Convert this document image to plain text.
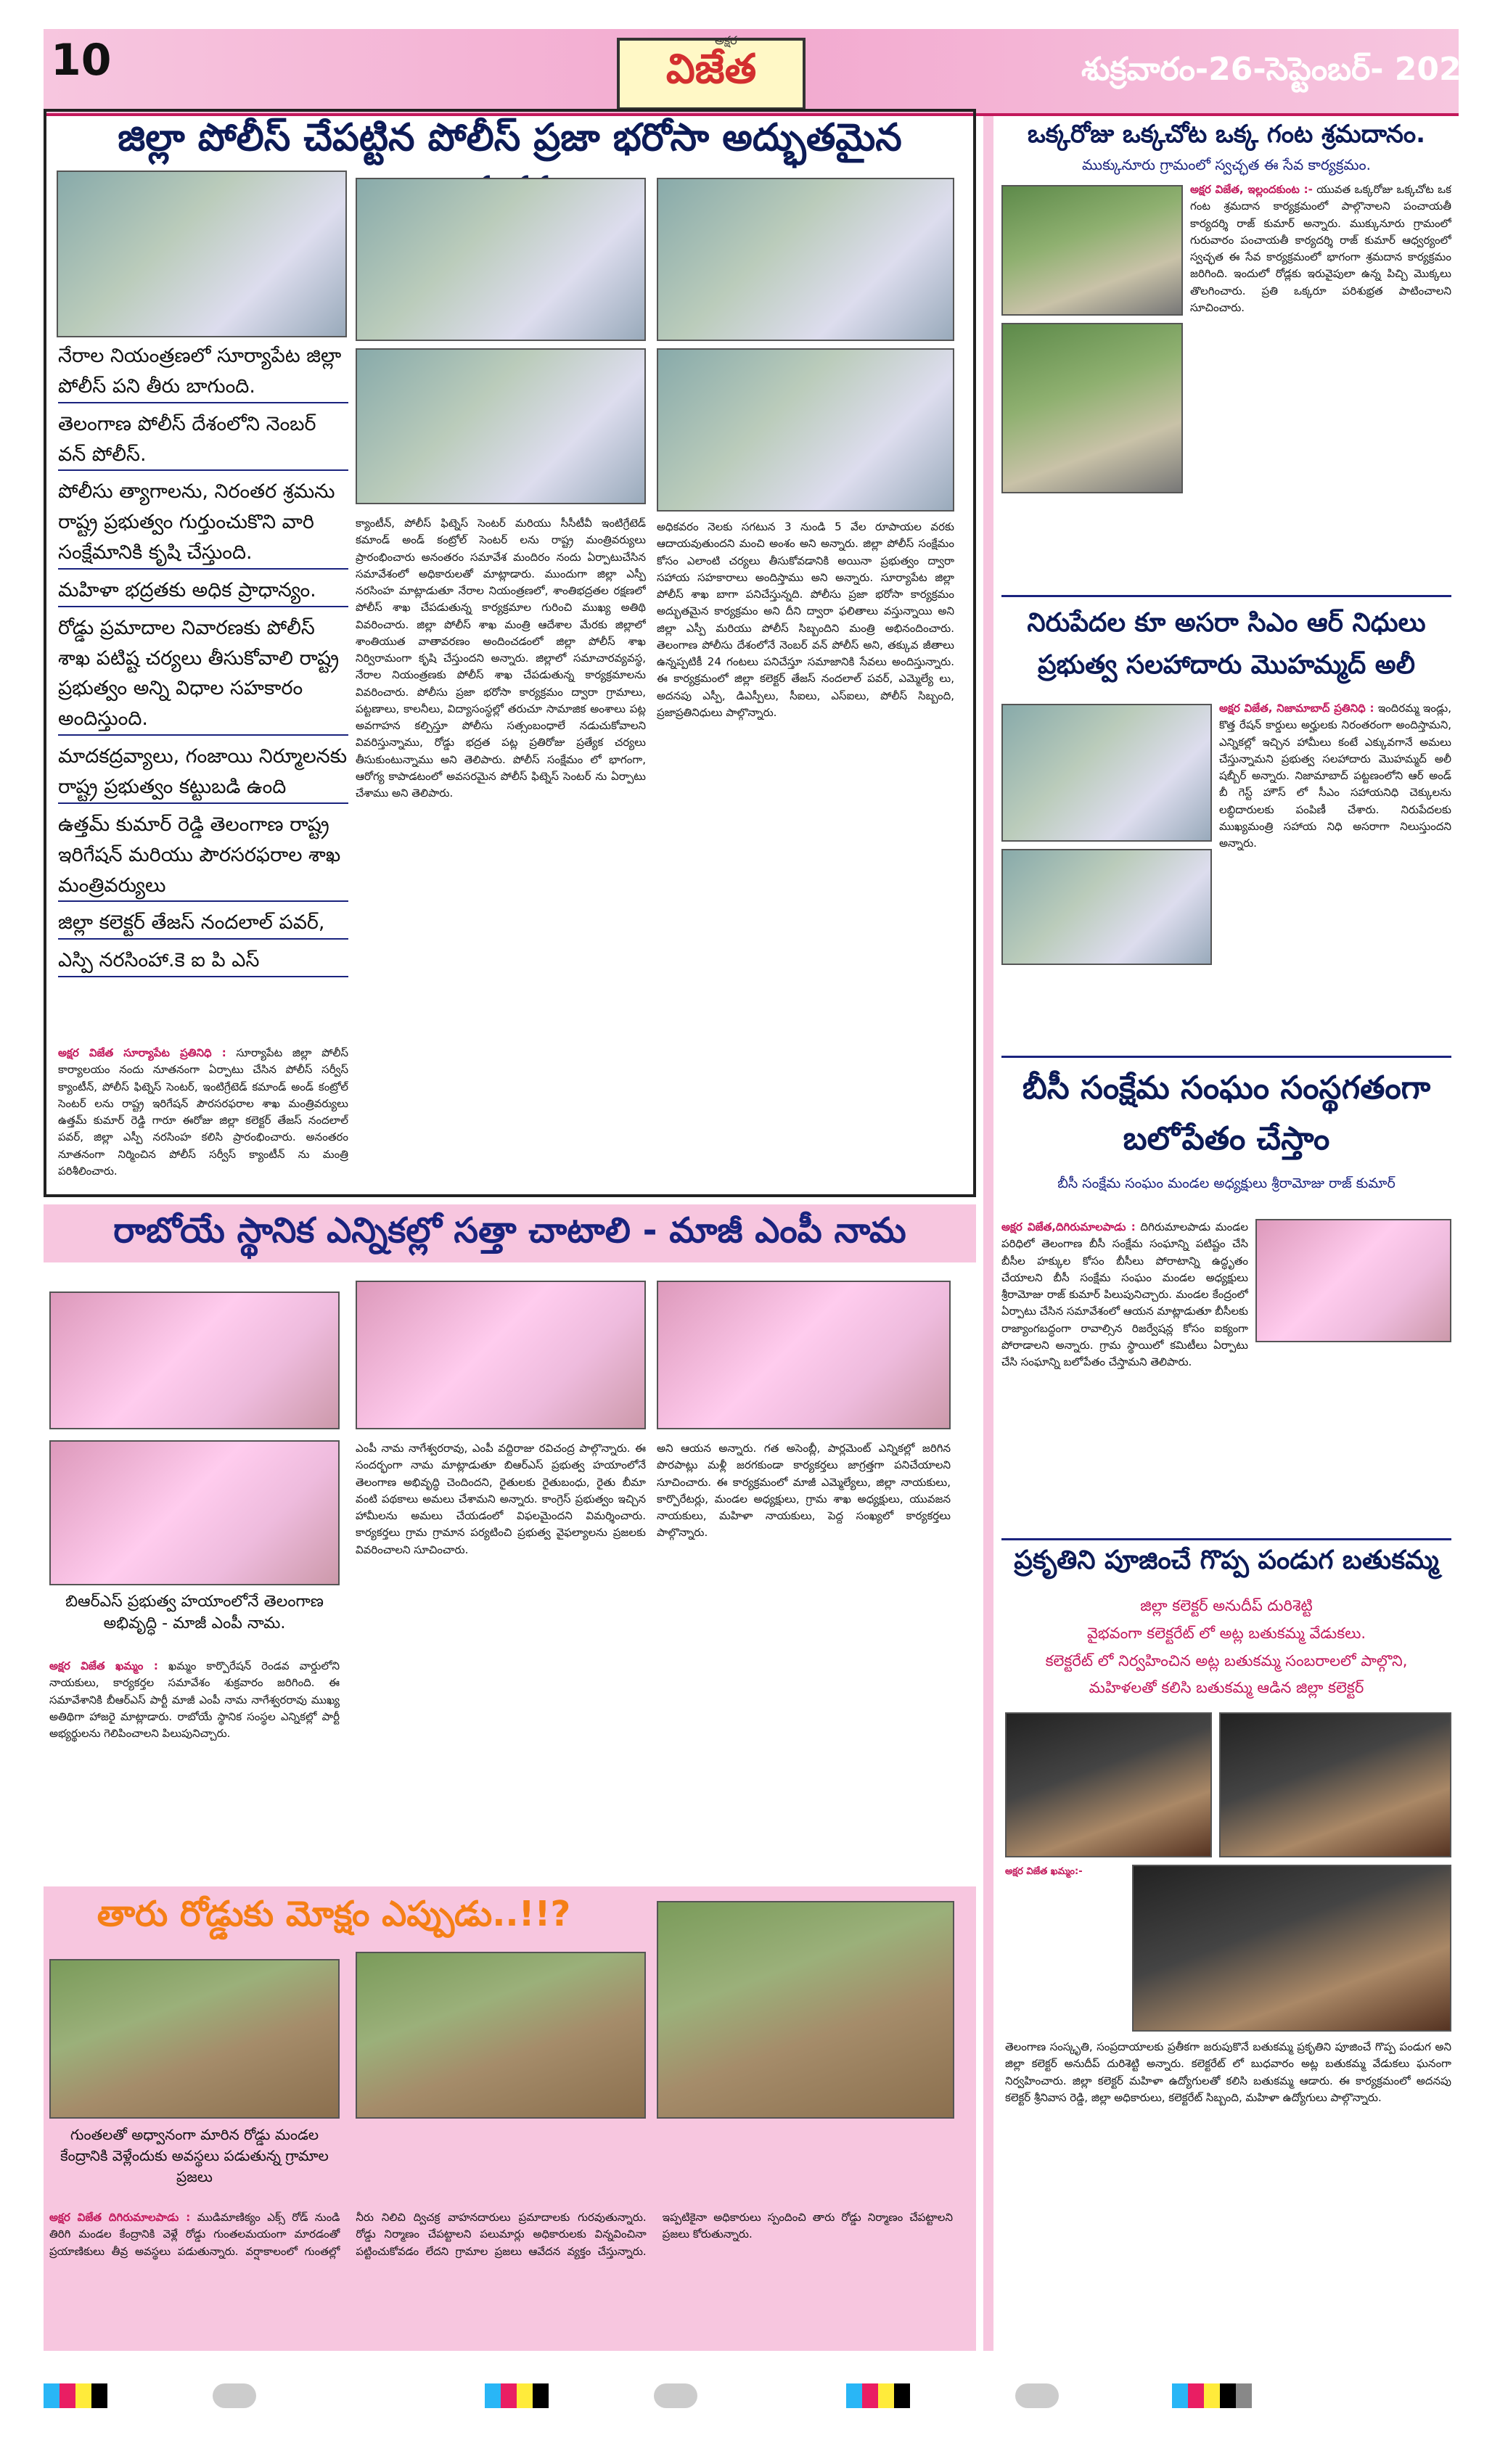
10	విజేత
అక్షర
శుక్రవారం-26-సెప్టెంబర్- 2025
జిల్లా పోలీస్ చేపట్టిన పోలీస్ ప్రజా భరోసా అద్భుతమైన
నేరాల నియంత్రణలో సూర్యాపేట జిల్లా పోలీస్ పని తీరు బాగుంది.
తెలంగాణ పోలీస్ దేశంలోని నెంబర్ వన్ పోలీస్.
పోలీసు త్యాగాలను, నిరంతర శ్రమను రాష్ట్ర ప్రభుత్వం గుర్తుంచుకొని వారి సంక్షేమానికి కృషి చేస్తుంది.
మహిళా భద్రతకు అధిక ప్రాధాన్యం.
రోడ్డు ప్రమాదాల నివారణకు పోలీస్ శాఖ పటిష్ట చర్యలు తీసుకోవాలి రాష్ట్ర ప్రభుత్వం అన్ని విధాల సహకారం అందిస్తుంది.
మాదకద్రవ్యాలు, గంజాయి నిర్మూలనకు రాష్ట్ర ప్రభుత్వం కట్టుబడి ఉంది
ఉత్తమ్ కుమార్ రెడ్డి తెలంగాణ రాష్ట్ర ఇరిగేషన్ మరియు పౌరసరఫరాల శాఖ మంత్రివర్యులు
జిల్లా కలెక్టర్ తేజస్ నందలాల్ పవర్,
ఎస్పి నరసింహా.కె ఐ పి ఎస్
అక్షర విజేత సూర్యాపేట ప్రతినిధి : సూర్యాపేట జిల్లా పోలీస్ కార్యాలయం నందు నూతనంగా ఏర్పాటు చేసిన పోలీస్ సర్వీస్ క్యాంటీన్, పోలీస్ ఫిట్నెస్ సెంటర్, ఇంటిగ్రేటెడ్ కమాండ్ అండ్ కంట్రోల్ సెంటర్ లను రాష్ట్ర ఇరిగేషన్ పౌరసరఫరాల శాఖ మంత్రివర్యులు ఉత్తమ్ కుమార్ రెడ్డి గారూ ఈరోజు జిల్లా కలెక్టర్ తేజస్ నందలాల్ పవర్, జిల్లా ఎస్పీ నరసింహ కలిసి ప్రారంభించారు. అనంతరం నూతనంగా నిర్మించిన పోలీస్ సర్వీస్ క్యాంటీన్ ను మంత్రి పరిశీలించారు.
క్యాంటీన్, పోలీస్ ఫిట్నెస్ సెంటర్ మరియు సీసీటీవీ ఇంటిగ్రేటెడ్ కమాండ్ అండ్ కంట్రోల్ సెంటర్ లను రాష్ట్ర మంత్రివర్యులు ప్రారంభించారు అనంతరం సమావేశ మందిరం నందు ఏర్పాటుచేసిన సమావేశంలో అధికారులతో మాట్లాడారు. ముందుగా జిల్లా ఎస్పీ నరసింహ మాట్లాడుతూ నేరాల నియంత్రణలో, శాంతిభద్రతల రక్షణలో పోలీస్ శాఖ చేపడుతున్న కార్యక్రమాల గురించి ముఖ్య అతిథి వివరించారు. జిల్లా పోలీస్ శాఖ మంత్రి ఆదేశాల మేరకు జిల్లాలో శాంతియుత వాతావరణం అందించడంలో జిల్లా పోలీస్ శాఖ నిర్విరామంగా కృషి చేస్తుందని అన్నారు. జిల్లాలో సమాచారవ్యవస్థ, నేరాల నియంత్రణకు పోలీస్ శాఖ చేపడుతున్న కార్యక్రమాలను వివరించారు. పోలీసు ప్రజా భరోసా కార్యక్రమం ద్వారా గ్రామాలు, పట్టణాలు, కాలనీలు, విద్యాసంస్థల్లో తరుచూ సామాజిక అంశాలు పట్ల అవగాహన కల్పిస్తూ పోలీసు సత్సంబంధాలే నడుచుకోవాలని వివరిస్తున్నాము, రోడ్డు భద్రత పట్ల ప్రతిరోజు ప్రత్యేక చర్యలు తీసుకుంటున్నాము అని తెలిపారు. పోలీస్ సంక్షేమం లో భాగంగా, ఆరోగ్య కాపాడటంలో అవసరమైన పోలీస్ ఫిట్నెస్ సెంటర్ ను ఏర్పాటు చేశాము అని తెలిపారు.
అధికవరం నెలకు సగటున 3 నుండి 5 వేల రూపాయల వరకు ఆదాయవుతుందని మంచి అంశం అని అన్నారు. జిల్లా పోలీస్ సంక్షేమం కోసం ఎలాంటి చర్యలు తీసుకోవడానికి అయినా ప్రభుత్వం ద్వారా సహాయ సహకారాలు అందిస్తాము అని అన్నారు. సూర్యాపేట జిల్లా పోలీస్ శాఖ బాగా పనిచేస్తున్నది. పోలీసు ప్రజా భరోసా కార్యక్రమం అద్భుతమైన కార్యక్రమం అని దీని ద్వారా ఫలితాలు వస్తున్నాయి అని జిల్లా ఎస్పీ మరియు పోలీస్ సిబ్బందిని మంత్రి అభినందించారు. తెలంగాణ పోలీసు దేశంలోనే నెంబర్ వన్ పోలీస్ అని, తక్కువ జీతాలు ఉన్నప్పటికీ 24 గంటలు పనిచేస్తూ సమాజానికి సేవలు అందిస్తున్నారు. ఈ కార్యక్రమంలో జిల్లా కలెక్టర్ తేజస్ నందలాల్ పవర్, ఎమ్మెల్యే లు, అదనపు ఎస్పీ, డిఎస్పీలు, సీఐలు, ఎస్ఐలు, పోలీస్ సిబ్బంది, ప్రజాప్రతినిధులు పాల్గొన్నారు.
రాబోయే స్థానిక ఎన్నికల్లో సత్తా చాటాలి - మాజీ ఎంపీ నామ
బిఆర్ఎస్ ప్రభుత్వ హయాంలోనే తెలంగాణ అభివృద్ధి - మాజీ ఎంపీ నామ.
అక్షర విజేత ఖమ్మం : ఖమ్మం కార్పొరేషన్ రెండవ వార్డులోని నాయకులు, కార్యకర్తల సమావేశం శుక్రవారం జరిగింది. ఈ సమావేశానికి బీఆర్ఎస్ పార్టీ మాజీ ఎంపీ నామ నాగేశ్వరరావు ముఖ్య అతిథిగా హాజరై మాట్లాడారు. రాబోయే స్థానిక సంస్థల ఎన్నికల్లో పార్టీ అభ్యర్థులను గెలిపించాలని పిలుపునిచ్చారు.
ఎంపీ నామ నాగేశ్వరరావు, ఎంపీ వద్దిరాజు రవిచంద్ర పాల్గొన్నారు. ఈ సందర్భంగా నామ మాట్లాడుతూ బిఆర్ఎస్ ప్రభుత్వ హయాంలోనే తెలంగాణ అభివృద్ధి చెందిందని, రైతులకు రైతుబంధు, రైతు బీమా వంటి పథకాలు అమలు చేశామని అన్నారు. కాంగ్రెస్ ప్రభుత్వం ఇచ్చిన హామీలను అమలు చేయడంలో విఫలమైందని విమర్శించారు. కార్యకర్తలు గ్రామ గ్రామాన పర్యటించి ప్రభుత్వ వైఫల్యాలను ప్రజలకు వివరించాలని సూచించారు.
అని ఆయన అన్నారు. గత అసెంబ్లీ, పార్లమెంట్ ఎన్నికల్లో జరిగిన పొరపాట్లు మళ్లీ జరగకుండా కార్యకర్తలు జాగ్రత్తగా పనిచేయాలని సూచించారు. ఈ కార్యక్రమంలో మాజీ ఎమ్మెల్యేలు, జిల్లా నాయకులు, కార్పొరేటర్లు, మండల అధ్యక్షులు, గ్రామ శాఖ అధ్యక్షులు, యువజన నాయకులు, మహిళా నాయకులు, పెద్ద సంఖ్యలో కార్యకర్తలు పాల్గొన్నారు.
తారు రోడ్డుకు మోక్షం ఎప్పుడు..!!?
గుంతలతో అధ్వానంగా మారిన రోడ్డు మండల కేంద్రానికి వెళ్లేందుకు అవస్థలు పడుతున్న గ్రామాల ప్రజలు
అక్షర విజేత దిగిరుమాలపాడు : ముడిమాణిక్యం ఎక్స్ రోడ్ నుండి తిరిగి మండల కేంద్రానికి వెళ్లే రోడ్డు గుంతలమయంగా మారడంతో ప్రయాణికులు తీవ్ర అవస్థలు పడుతున్నారు. వర్షాకాలంలో గుంతల్లో నీరు నిలిచి ద్విచక్ర వాహనదారులు ప్రమాదాలకు గురవుతున్నారు. రోడ్డు నిర్మాణం చేపట్టాలని పలుమార్లు అధికారులకు విన్నవించినా పట్టించుకోవడం లేదని గ్రామాల ప్రజలు ఆవేదన వ్యక్తం చేస్తున్నారు. ఇప్పటికైనా అధికారులు స్పందించి తారు రోడ్డు నిర్మాణం చేపట్టాలని ప్రజలు కోరుతున్నారు.
ఒక్కరోజు ఒక్కచోట ఒక్క గంట శ్రమదానం.
ముక్కునూరు గ్రామంలో స్వచ్ఛత ఈ సేవ కార్యక్రమం.
అక్షర విజేత, ఇల్లందకుంట :- యువత ఒక్కరోజు ఒక్కచోట ఒక గంట శ్రమదాన కార్యక్రమంలో పాల్గొనాలని పంచాయతీ కార్యదర్శి రాజ్ కుమార్ అన్నారు. ముక్కునూరు గ్రామంలో గురువారం పంచాయతీ కార్యదర్శి రాజ్ కుమార్ ఆధ్వర్యంలో స్వచ్ఛత ఈ సేవ కార్యక్రమంలో భాగంగా శ్రమదాన కార్యక్రమం జరిగింది. ఇందులో రోడ్లకు ఇరువైపులా ఉన్న పిచ్చి మొక్కలు తొలగించారు. ప్రతి ఒక్కరూ పరిశుభ్రత పాటించాలని సూచించారు.
నిరుపేదల కూ అసరా సిఎం ఆర్ నిధులు ప్రభుత్వ సలహాదారు మొహమ్మద్ అలీ
అక్షర విజేత, నిజామాబాద్ ప్రతినిధి : ఇందిరమ్మ ఇండ్లు, కొత్త రేషన్ కార్డులు అర్హులకు నిరంతరంగా అందిస్తామని, ఎన్నికల్లో ఇచ్చిన హామీలు కంటే ఎక్కువగానే అమలు చేస్తున్నామని ప్రభుత్వ సలహాదారు మొహమ్మద్ అలీ షబ్బీర్ అన్నారు. నిజామాబాద్ పట్టణంలోని ఆర్ అండ్ బీ గెస్ట్ హౌస్ లో సీఎం సహాయనిధి చెక్కులను లబ్ధిదారులకు పంపిణీ చేశారు. నిరుపేదలకు ముఖ్యమంత్రి సహాయ నిధి అసరాగా నిలుస్తుందని అన్నారు.
బీసీ సంక్షేమ సంఘం సంస్థగతంగా బలోపేతం చేస్తాం
బీసీ సంక్షేమ సంఘం మండల అధ్యక్షులు శ్రీరామోజు రాజ్ కుమార్
అక్షర విజేత,దిగిరుమాలపాడు : దిగిరుమాలపాడు మండల పరిధిలో తెలంగాణ బీసీ సంక్షేమ సంఘాన్ని పటిష్టం చేసి బీసీల హక్కుల కోసం బీసీలు పోరాటాన్ని ఉద్ధృతం చేయాలని బీసీ సంక్షేమ సంఘం మండల అధ్యక్షులు శ్రీరామోజు రాజ్ కుమార్ పిలుపునిచ్చారు. మండల కేంద్రంలో ఏర్పాటు చేసిన సమావేశంలో ఆయన మాట్లాడుతూ బీసీలకు రాజ్యాంగబద్ధంగా రావాల్సిన రిజర్వేషన్ల కోసం ఐక్యంగా పోరాడాలని అన్నారు. గ్రామ స్థాయిలో కమిటీలు ఏర్పాటు చేసి సంఘాన్ని బలోపేతం చేస్తామని తెలిపారు.
ప్రకృతిని పూజించే గొప్ప పండుగ బతుకమ్మ
జిల్లా కలెక్టర్ అనుదీప్ దురిశెట్టి
వైభవంగా కలెక్టరేట్ లో అట్ల బతుకమ్మ వేడుకలు.
కలెక్టరేట్ లో నిర్వహించిన అట్ల బతుకమ్మ సంబరాలలో పాల్గొని,
మహిళలతో కలిసి బతుకమ్మ ఆడిన జిల్లా కలెక్టర్
అక్షర విజేత ఖమ్మం:-
తెలంగాణ సంస్కృతి, సంప్రదాయాలకు ప్రతీకగా జరుపుకొనే బతుకమ్మ ప్రకృతిని పూజించే గొప్ప పండుగ అని జిల్లా కలెక్టర్ అనుదీప్ దురిశెట్టి అన్నారు. కలెక్టరేట్ లో బుధవారం అట్ల బతుకమ్మ వేడుకలు ఘనంగా నిర్వహించారు. జిల్లా కలెక్టర్ మహిళా ఉద్యోగులతో కలిసి బతుకమ్మ ఆడారు. ఈ కార్యక్రమంలో అదనపు కలెక్టర్ శ్రీనివాస రెడ్డి, జిల్లా అధికారులు, కలెక్టరేట్ సిబ్బంది, మహిళా ఉద్యోగులు పాల్గొన్నారు.
